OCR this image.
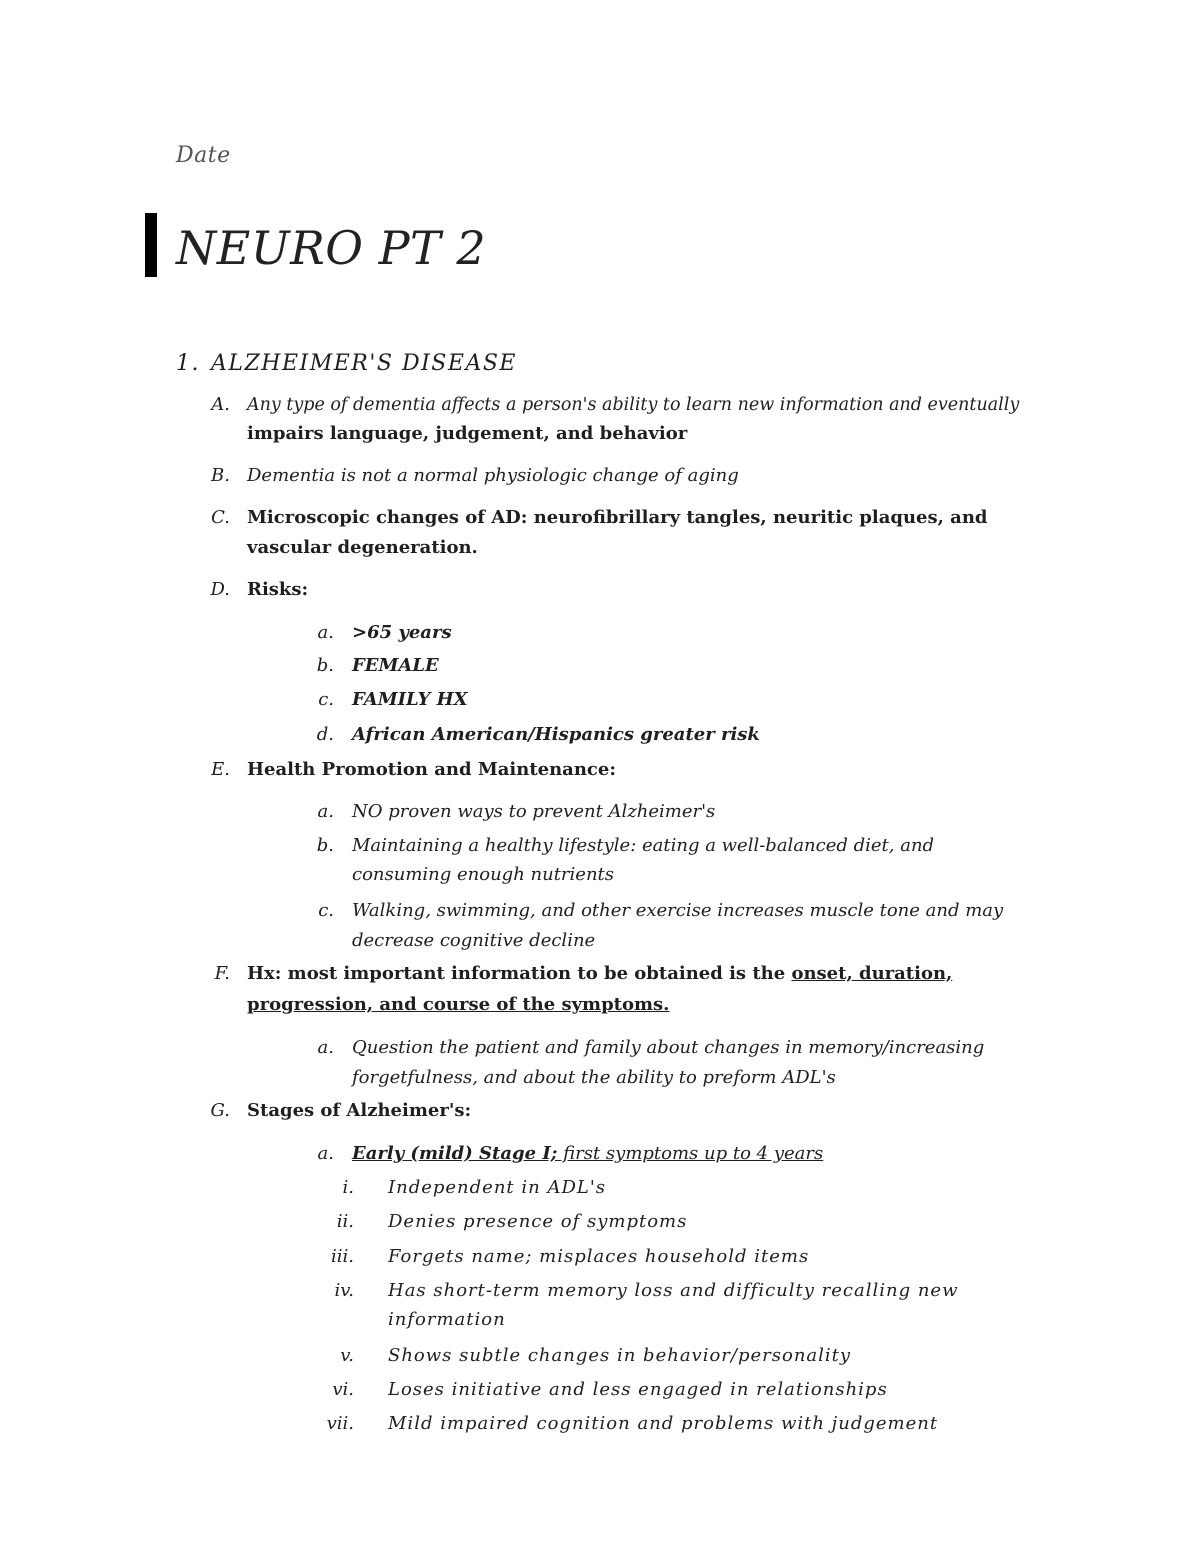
Date
NEURO PT 2
1. ALZHEIMER'S DISEASE
A. Any type of dementia affects a person's ability to learn new information and eventually
impairs language, judgement, and behavior
B. Dementia is not a normal physiologic change of aging
C. Microscopic changes of AD: neurofibrillary tangles, neuritic plaques, and
vascular degeneration.
D. Risks:
a. >65 years
b. FEMALE
c. FAMILY HX
d. African American/Hispanics greater risk
E. Health Promotion and Maintenance:
a. NO proven ways to prevent Alzheimer's
b. Maintaining a healthy lifestyle: eating a well-balanced diet, and
consuming enough nutrients
c. Walking, swimming, and other exercise increases muscle tone and may
decrease cognitive decline
F. Hx: most important information to be obtained is the onset, duration,
progression, and course of the symptoms.
a. Question the patient and family about changes in memory/increasing
forgetfulness, and about the ability to preform ADL's
G. Stages of Alzheimer's:
a. Early (mild) Stage I; first symptoms up to 4 years
i. Independent in ADL's
ii. Denies presence of symptoms
iii. Forgets name; misplaces household items
iv. Has short-term memory loss and difficulty recalling new
information
v. Shows subtle changes in behavior/personality
vi. Loses initiative and less engaged in relationships
vii. Mild impaired cognition and problems with judgement
